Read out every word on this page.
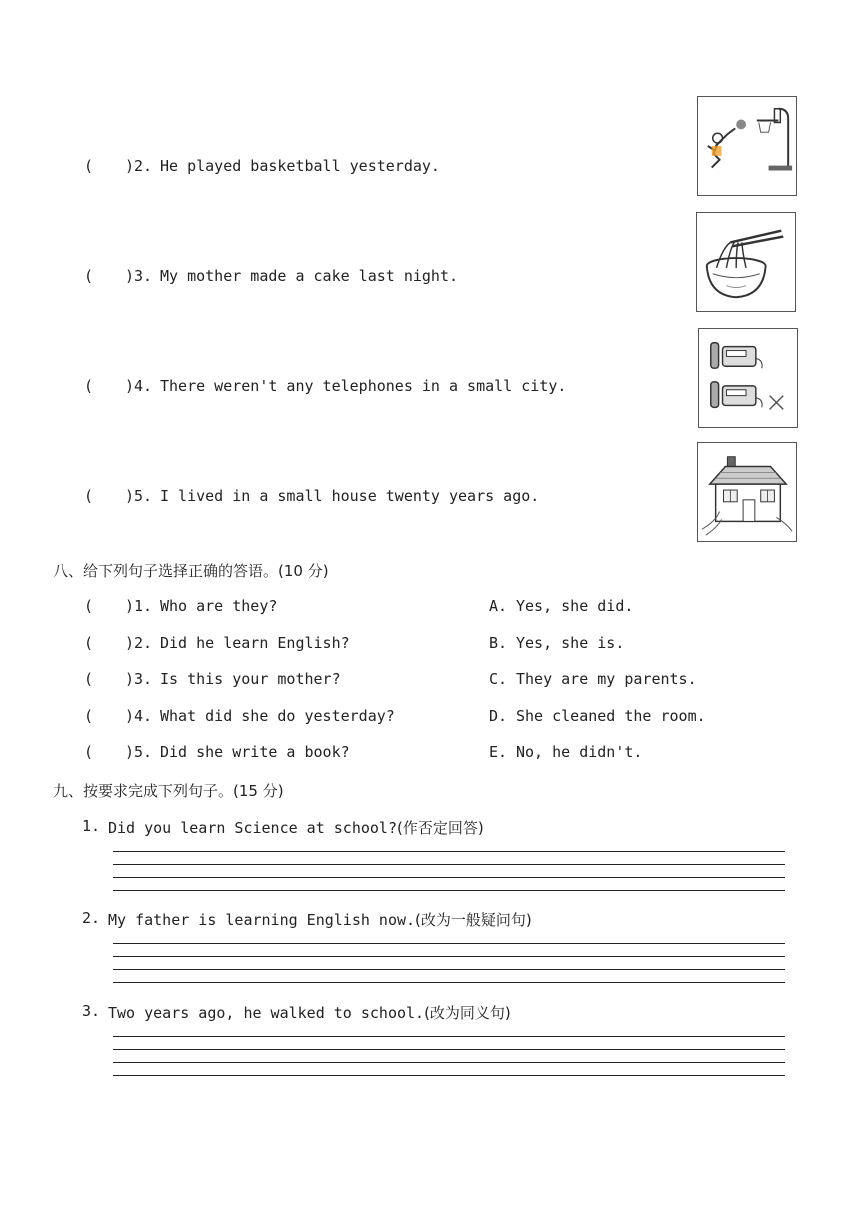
( )2. He played basketball yesterday.
( )3. My mother made a cake last night.
( )4. There weren't any telephones in a small city.
( )5. I lived in a small house twenty years ago.
八、给下列句子选择正确的答语。(10 分)
( )1. Who are they?
( )2. Did he learn English?
( )3. Is this your mother?
( )4. What did she do yesterday?
( )5. Did she write a book?
A. Yes, she did.
B. Yes, she is.
C. They are my parents.
D. She cleaned the room.
E. No, he didn't.
九、按要求完成下列句子。(15 分)
1. Did you learn Science at school?(作否定回答)
2. My father is learning English now.(改为一般疑问句)
3. Two years ago, he walked to school.(改为同义句)
